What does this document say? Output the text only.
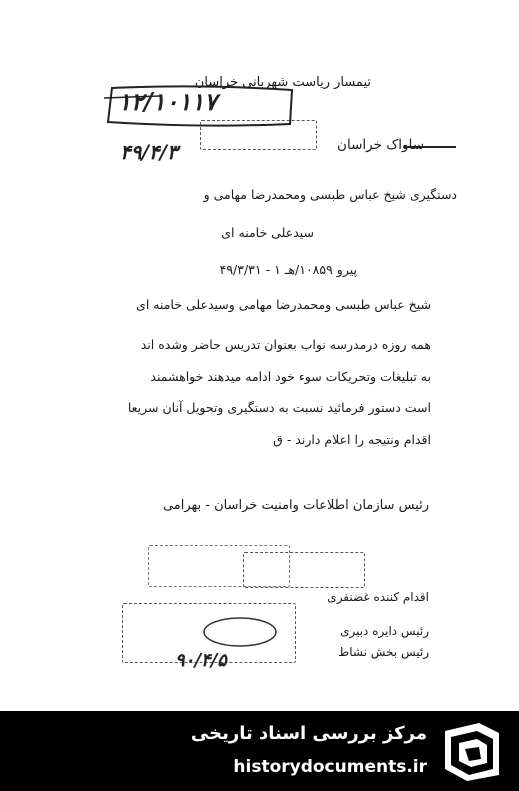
تیمسار ریاست شهربانی خراسان
۱۲/۱۰۱۱۷
ساواک خراسان
۴۹/۴/۳
دستگیری شیخ عباس طبسی ومحمدرضا مهامی و
سیدعلی خامنه ای
پیرو ۱۰۸۵۹/هـ ۱ - ۴۹/۳/۳۱
شیخ عباس طبسی ومحمدرضا مهامی وسیدعلی خامنه ای
همه روزه درمدرسه نواب بعنوان تدریس حاضر وشده اند
به تبلیغات وتحریکات سوء خود ادامه میدهند خواهشمند
است دستور فرمائید نسبت به دستگیری وتحویل آنان سریعا
اقدام ونتیجه را اعلام دارند - ق
رئیس سازمان اطلاعات وامنیت خراسان - بهرامی
اقدام کننده غضنفری
رئیس دایره دبیری
رئیس بخش نشاط
۹۰/۴/۵
مرکز بررسی اسناد تاریخی
historydocuments.ir
